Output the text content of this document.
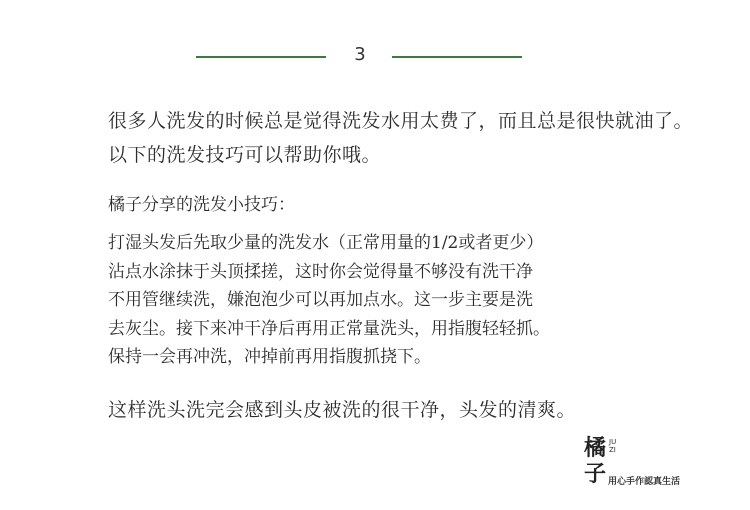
3

很多人洗发的时候总是觉得洗发水用太费了，而且总是很快就油了。以下的洗发技巧可以帮助你哦。

橘子分享的洗发小技巧：

打湿头发后先取少量的洗发水（正常用量的1/2或者更少）
沾点水涂抹于头顶揉搓，这时你会觉得量不够没有洗干净
不用管继续洗，嫌泡泡少可以再加点水。这一步主要是洗
去灰尘。接下来冲干净后再用正常量洗头，用指腹轻轻抓。
保持一会再冲洗，冲掉前再用指腹抓挠下。

这样洗头洗完会感到头皮被洗的很干净，头发的清爽。

橘
子
JUZI
用心手作認真生活
